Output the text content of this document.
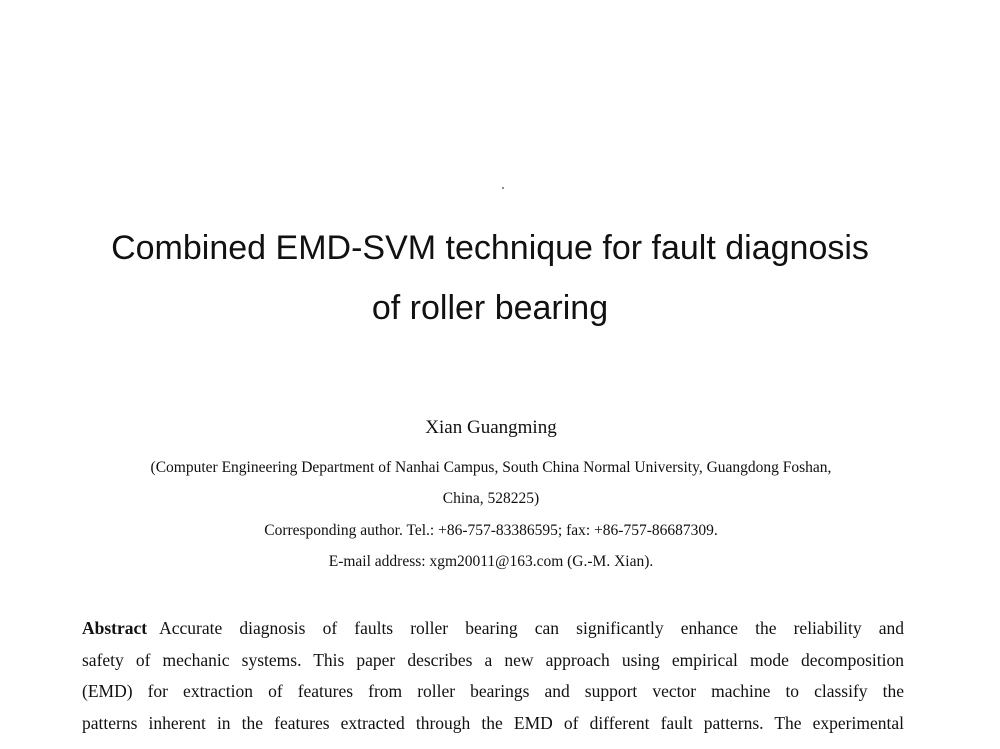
Combined EMD-SVM technique for fault diagnosis
of roller bearing
Xian Guangming
(Computer Engineering Department of Nanhai Campus, South China Normal University, Guangdong Foshan,
China, 528225)
Corresponding author. Tel.: +86-757-83386595; fax: +86-757-86687309.
E-mail address: xgm20011@163.com (G.-M. Xian).
Abstract Accurate diagnosis of faults roller bearing can significantly enhance the reliability and
safety of mechanic systems. This paper describes a new approach using empirical mode decomposition
(EMD) for extraction of features from roller bearings and support vector machine to classify the
patterns inherent in the features extracted through the EMD of different fault patterns. The experimental
